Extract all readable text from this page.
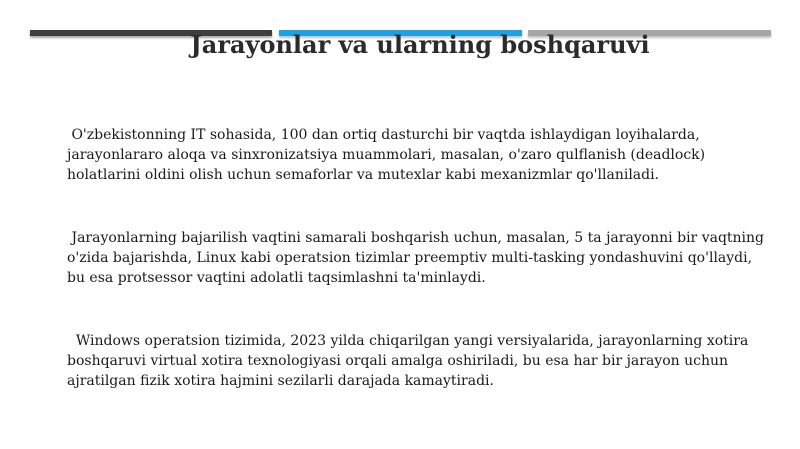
Jarayonlar va ularning boshqaruvi

O'zbekistonning IT sohasida, 100 dan ortiq dasturchi bir vaqtda ishlaydigan loyihalarda, jarayonlararo aloqa va sinxronizatsiya muammolari, masalan, o'zaro qulflanish (deadlock) holatlarini oldini olish uchun semaforlar va mutexlar kabi mexanizmlar qo'llaniladi.

Jarayonlarning bajarilish vaqtini samarali boshqarish uchun, masalan, 5 ta jarayonni bir vaqtning o'zida bajarishda, Linux kabi operatsion tizimlar preemptiv multi-tasking yondashuvini qo'llaydi, bu esa protsessor vaqtini adolatli taqsimlashni ta'minlaydi.

Windows operatsion tizimida, 2023 yilda chiqarilgan yangi versiyalarida, jarayonlarning xotira boshqaruvi virtual xotira texnologiyasi orqali amalga oshiriladi, bu esa har bir jarayon uchun ajratilgan fizik xotira hajmini sezilarli darajada kamaytiradi.
